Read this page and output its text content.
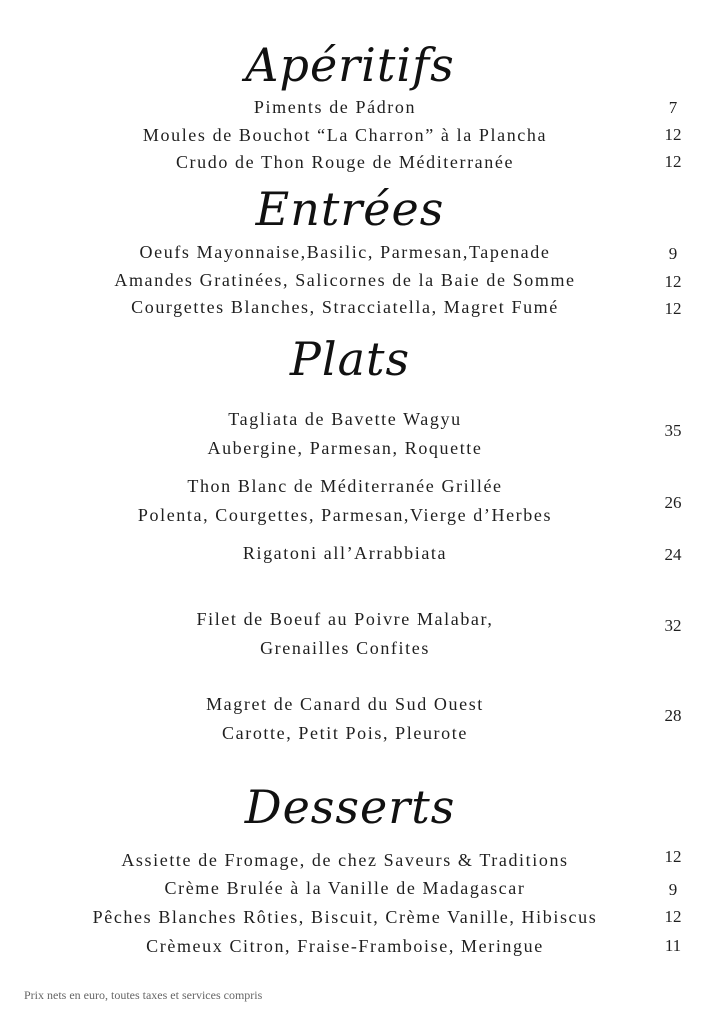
Apéritifs
Piments de Pádron	7
Moules de Bouchot “La Charron” à la Plancha	12
Crudo de Thon Rouge de Méditerranée	12
Entrées
Oeufs Mayonnaise,Basilic, Parmesan,Tapenade	9
Amandes Gratinées, Salicornes de la Baie de Somme	12
Courgettes Blanches, Stracciatella, Magret Fumé	12
Plats
Tagliata de Bavette Wagyu
Aubergine, Parmesan, Roquette
35
Thon Blanc de Méditerranée Grillée
Polenta, Courgettes, Parmesan,Vierge d’Herbes
26
Rigatoni all’Arrabbiata	24
Filet de Boeuf au Poivre Malabar,
Grenailles Confites
32
Magret de Canard du Sud Ouest
Carotte, Petit Pois, Pleurote
28
Desserts
Assiette de Fromage, de chez Saveurs & Traditions	12
Crème Brulée à la Vanille de Madagascar	9
Pêches Blanches Rôties, Biscuit, Crème Vanille, Hibiscus	12
Crèmeux Citron, Fraise-Framboise, Meringue	11
Prix nets en euro, toutes taxes et services compris
